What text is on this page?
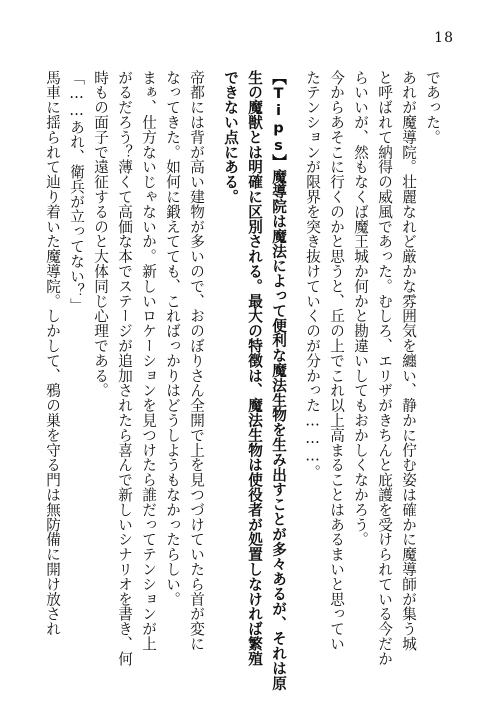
18
であった。
あれが魔導院。壮麗なれど厳かな雰囲気を纏い、静かに佇む姿は確かに魔導師が集う城
と呼ばれて納得の威風であった。むしろ、エリザがきちんと庇護を受けられている今だか
らいいが、然もなくば魔王城か何かと勘違いしてもおかしくなかろう。
今からあそこに行くのかと思うと、丘の上でこれ以上高まることはあるまいと思ってい
たテンションが限界を突き抜けていくのが分かった………。
【Tips】魔導院は魔法によって便利な魔法生物を生み出すことが多々あるが、それは原
生の魔獣とは明確に区別される。最大の特徴は、魔法生物は使役者が処置しなければ繁殖
できない点にある。
帝都には背が高い建物が多いので、おのぼりさん全開で上を見つづけていたら首が変に
なってきた。如何に鍛えてても、こればっかりはどうしようもなかったらしい。
まぁ、仕方ないじゃないか。新しいロケーションを見つけたら誰だってテンションが上
がるだろう？薄くて高価な本でステージが追加されたら喜んで新しいシナリオを書き、何
時もの面子で遠征するのと大体同じ心理である。
「……あれ、衛兵が立ってない？」
馬車に揺られて辿り着いた魔導院。しかして、鴉の巣を守る門は無防備に開け放され
